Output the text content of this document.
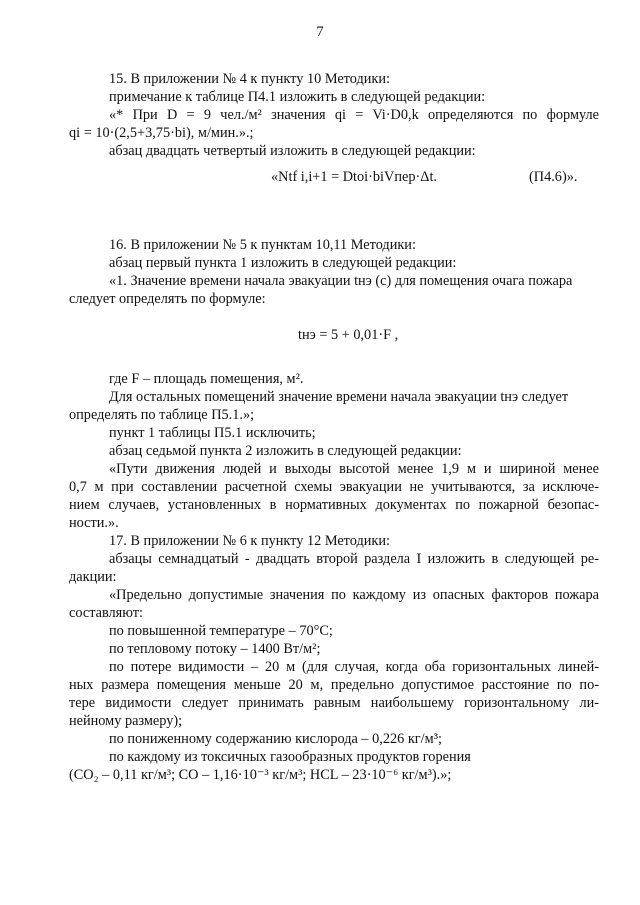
7
15. В приложении № 4 к пункту 10 Методики:
примечание к таблице П4.1 изложить в следующей редакции:
«* При D = 9 чел./м² значения qi = Vi·D0,k определяются по формуле
qi = 10·(2,5+3,75·bi), м/мин.».;
абзац двадцать четвертый изложить в следующей редакции:
«Ntf i,i+1 = Dtoi·biVпер·Δt.	(П4.6)».
16. В приложении № 5 к пунктам 10,11 Методики:
абзац первый пункта 1 изложить в следующей редакции:
«1. Значение времени начала эвакуации tнэ (с) для помещения очага пожара
следует определять по формуле:
tнэ = 5 + 0,01·F ,
где F – площадь помещения, м².
Для остальных помещений значение времени начала эвакуации tнэ следует
определять по таблице П5.1.»;
пункт 1 таблицы П5.1 исключить;
абзац седьмой пункта 2 изложить в следующей редакции:
«Пути движения людей и выходы высотой менее 1,9 м и шириной менее
0,7 м при составлении расчетной схемы эвакуации не учитываются, за исключе-
нием случаев, установленных в нормативных документах по пожарной безопас-
ности.».
17. В приложении № 6 к пункту 12 Методики:
абзацы семнадцатый - двадцать второй раздела I изложить в следующей ре-
дакции:
«Предельно допустимые значения по каждому из опасных факторов пожара
составляют:
по повышенной температуре – 70°С;
по тепловому потоку – 1400 Вт/м²;
по потере видимости – 20 м (для случая, когда оба горизонтальных линей-
ных размера помещения меньше 20 м, предельно допустимое расстояние по по-
тере видимости следует принимать равным наибольшему горизонтальному ли-
нейному размеру);
по пониженному содержанию кислорода – 0,226 кг/м³;
по каждому из токсичных газообразных продуктов горения
(СО₂ – 0,11 кг/м³; СО – 1,16·10⁻³ кг/м³; HCL – 23·10⁻⁶ кг/м³).»;
